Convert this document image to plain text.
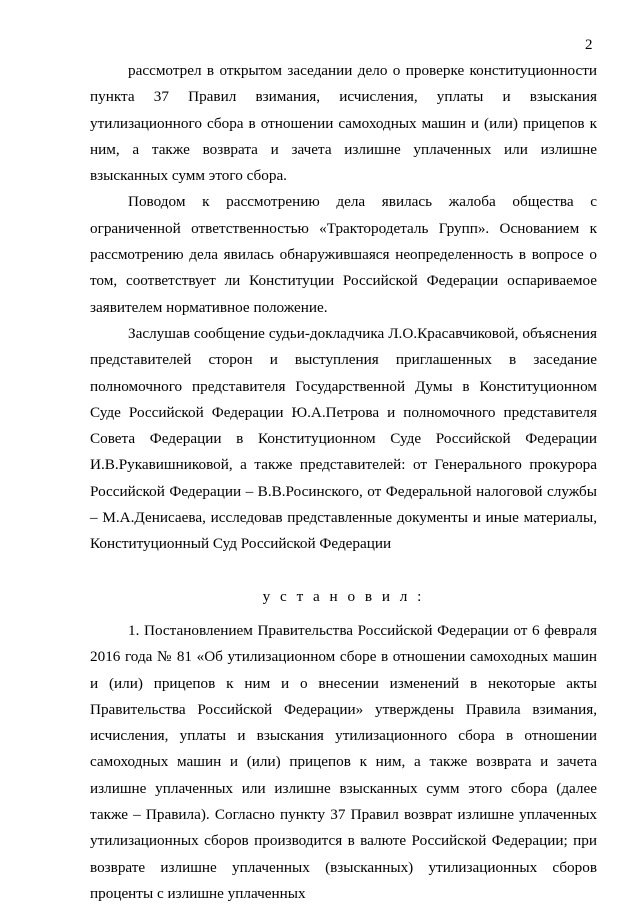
2

рассмотрел в открытом заседании дело о проверке конституционности пункта 37 Правил взимания, исчисления, уплаты и взыскания утилизационного сбора в отношении самоходных машин и (или) прицепов к ним, а также возврата и зачета излишне уплаченных или излишне взысканных сумм этого сбора.

Поводом к рассмотрению дела явилась жалоба общества с ограниченной ответственностью «Трактородеталь Групп». Основанием к рассмотрению дела явилась обнаружившаяся неопределенность в вопросе о том, соответствует ли Конституции Российской Федерации оспариваемое заявителем нормативное положение.

Заслушав сообщение судьи-докладчика Л.О.Красавчиковой, объяснения представителей сторон и выступления приглашенных в заседание полномочного представителя Государственной Думы в Конституционном Суде Российской Федерации Ю.А.Петрова и полномочного представителя Совета Федерации в Конституционном Суде Российской Федерации И.В.Рукавишниковой, а также представителей: от Генерального прокурора Российской Федерации – В.В.Росинского, от Федеральной налоговой службы – М.А.Денисаева, исследовав представленные документы и иные материалы, Конституционный Суд Российской Федерации

у с т а н о в и л :

1. Постановлением Правительства Российской Федерации от 6 февраля 2016 года № 81 «Об утилизационном сборе в отношении самоходных машин и (или) прицепов к ним и о внесении изменений в некоторые акты Правительства Российской Федерации» утверждены Правила взимания, исчисления, уплаты и взыскания утилизационного сбора в отношении самоходных машин и (или) прицепов к ним, а также возврата и зачета излишне уплаченных или излишне взысканных сумм этого сбора (далее также – Правила). Согласно пункту 37 Правил возврат излишне уплаченных утилизационных сборов производится в валюте Российской Федерации; при возврате излишне уплаченных (взысканных) утилизационных сборов проценты с излишне уплаченных
